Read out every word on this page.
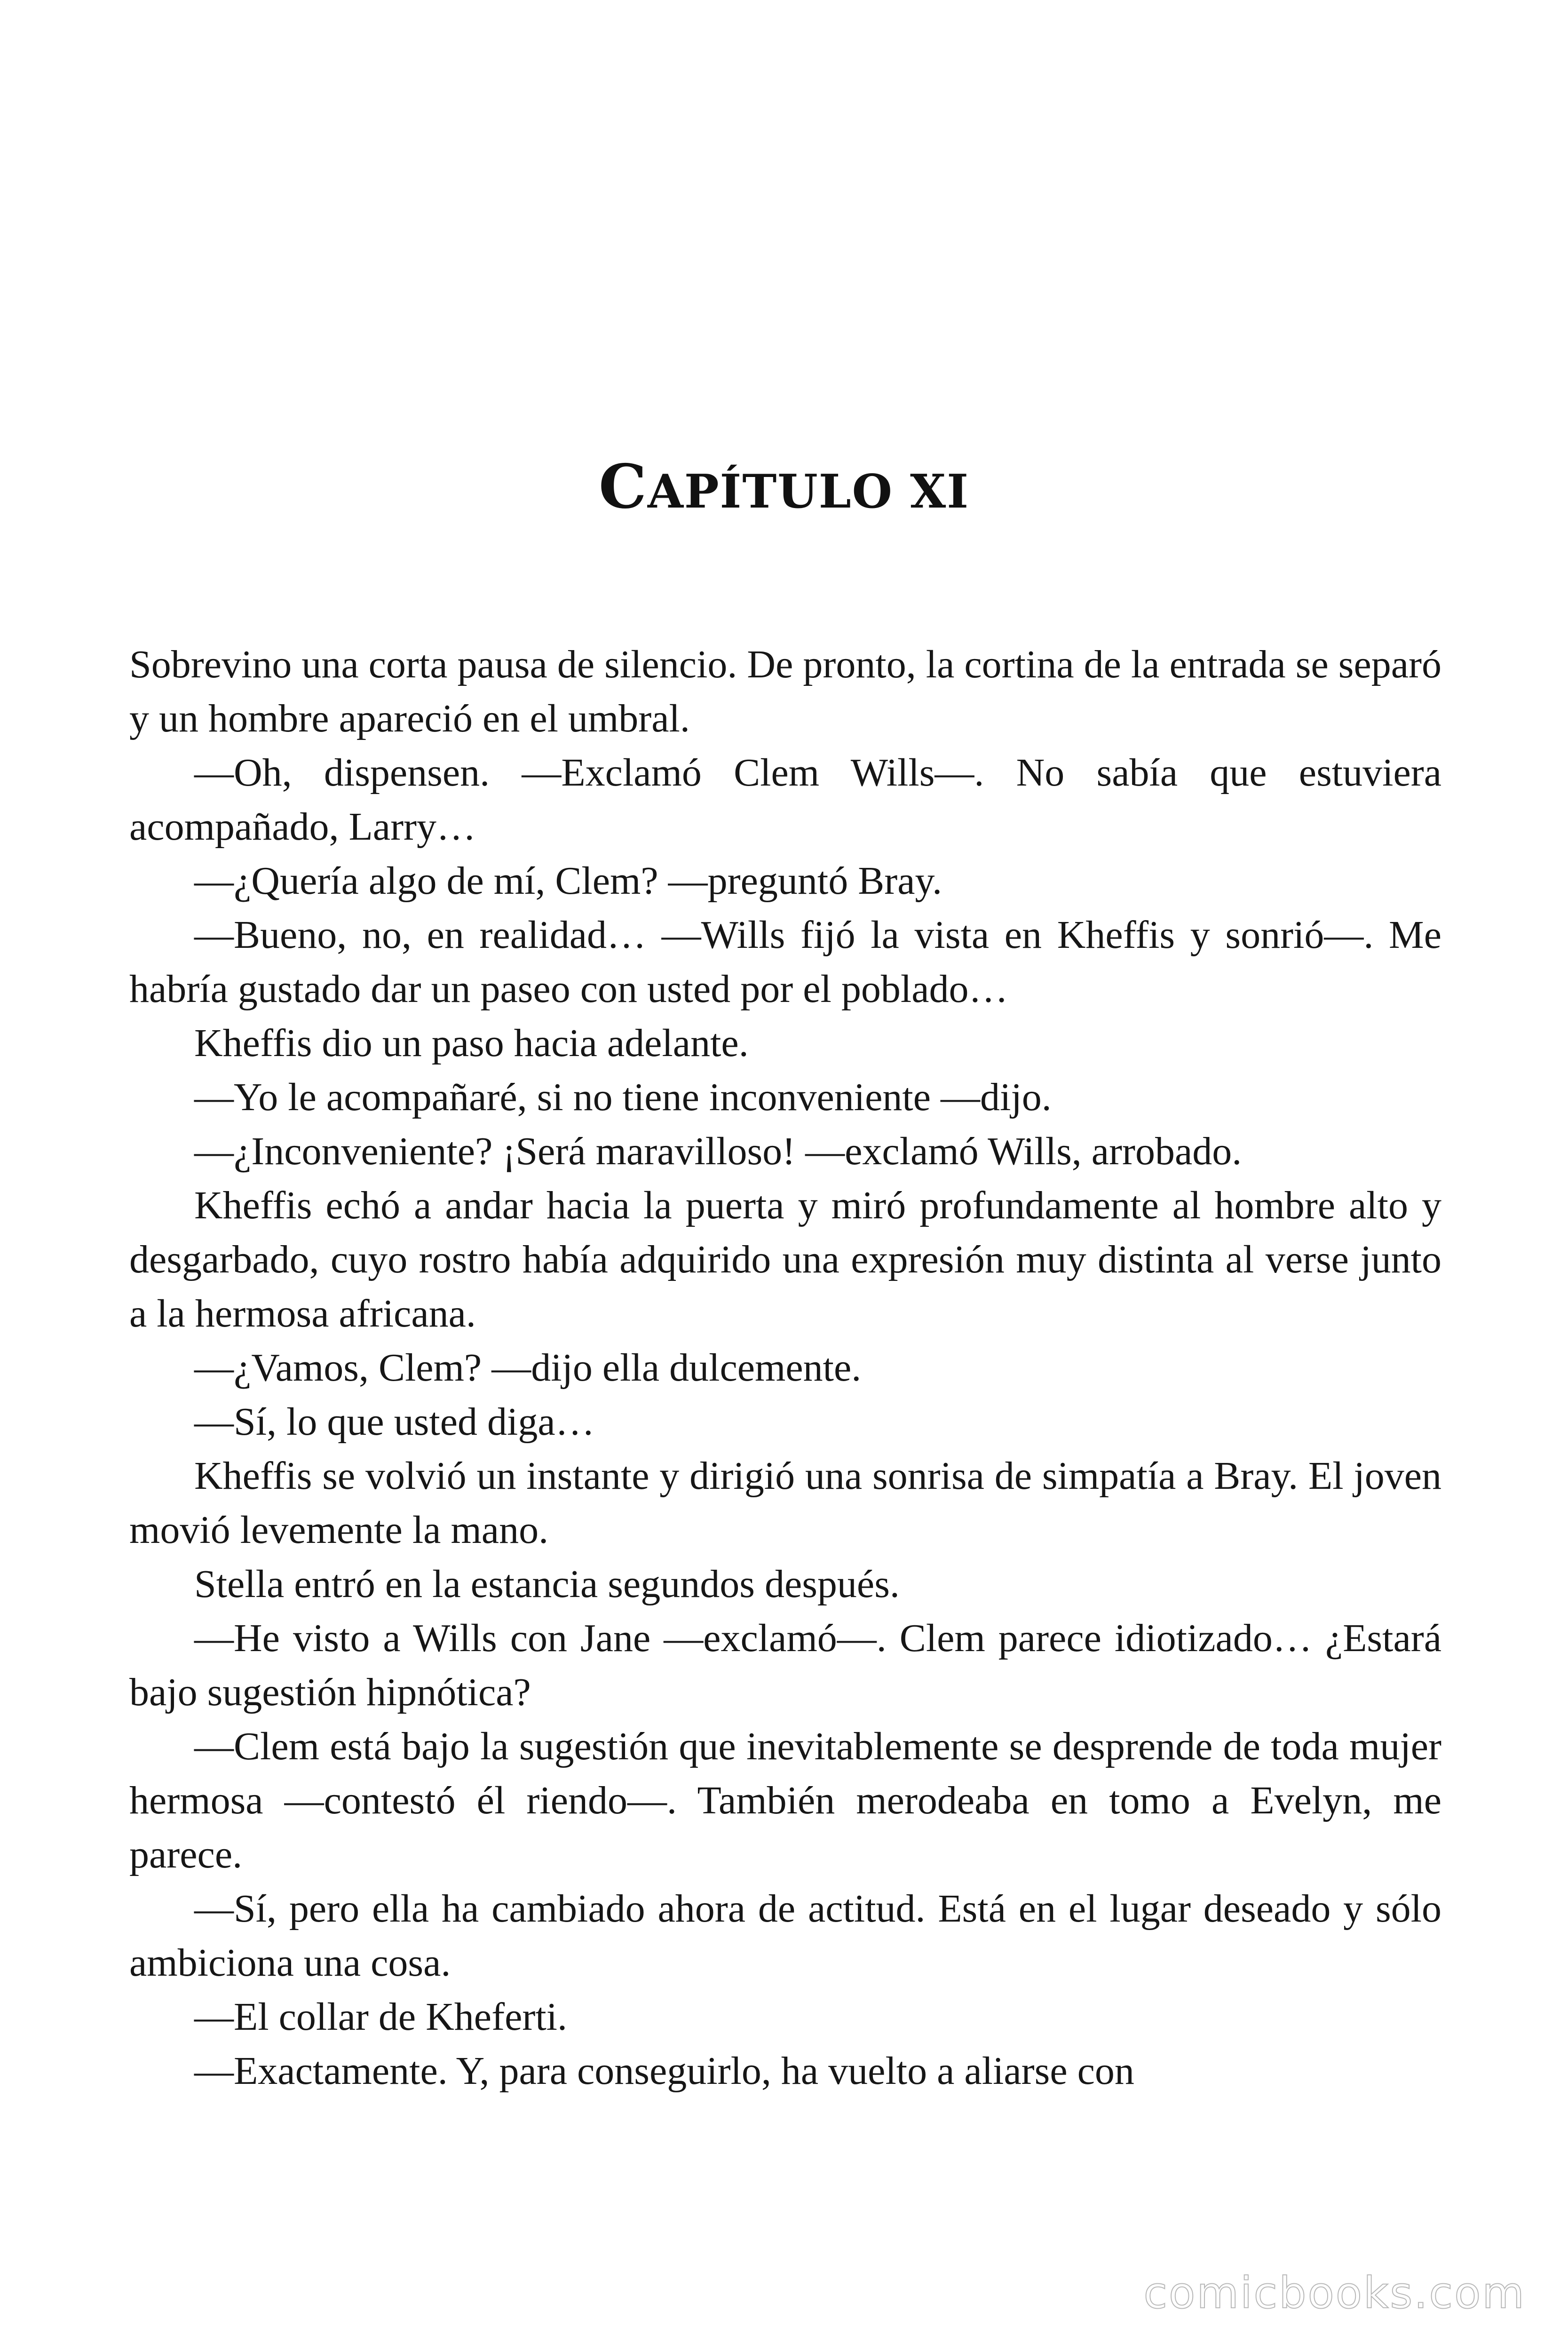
CAPÍTULO XI

Sobrevino una corta pausa de silencio. De pronto, la cortina de la entrada se separó y un hombre apareció en el umbral.

—Oh, dispensen. —Exclamó Clem Wills—. No sabía que estuviera acompañado, Larry…

—¿Quería algo de mí, Clem? —preguntó Bray.

—Bueno, no, en realidad… —Wills fijó la vista en Kheffis y sonrió—. Me habría gustado dar un paseo con usted por el poblado…

Kheffis dio un paso hacia adelante.

—Yo le acompañaré, si no tiene inconveniente —dijo.

—¿Inconveniente? ¡Será maravilloso! —exclamó Wills, arrobado.

Kheffis echó a andar hacia la puerta y miró profundamente al hombre alto y desgarbado, cuyo rostro había adquirido una expresión muy distinta al verse junto a la hermosa africana.

—¿Vamos, Clem? —dijo ella dulcemente.

—Sí, lo que usted diga…

Kheffis se volvió un instante y dirigió una sonrisa de simpatía a Bray. El joven movió levemente la mano.

Stella entró en la estancia segundos después.

—He visto a Wills con Jane —exclamó—. Clem parece idiotizado… ¿Estará bajo sugestión hipnótica?

—Clem está bajo la sugestión que inevitablemente se desprende de toda mujer hermosa —contestó él riendo—. También merodeaba en tomo a Evelyn, me parece.

—Sí, pero ella ha cambiado ahora de actitud. Está en el lugar deseado y sólo ambiciona una cosa.

—El collar de Kheferti.

—Exactamente. Y, para conseguirlo, ha vuelto a aliarse con

comicbooks.com
